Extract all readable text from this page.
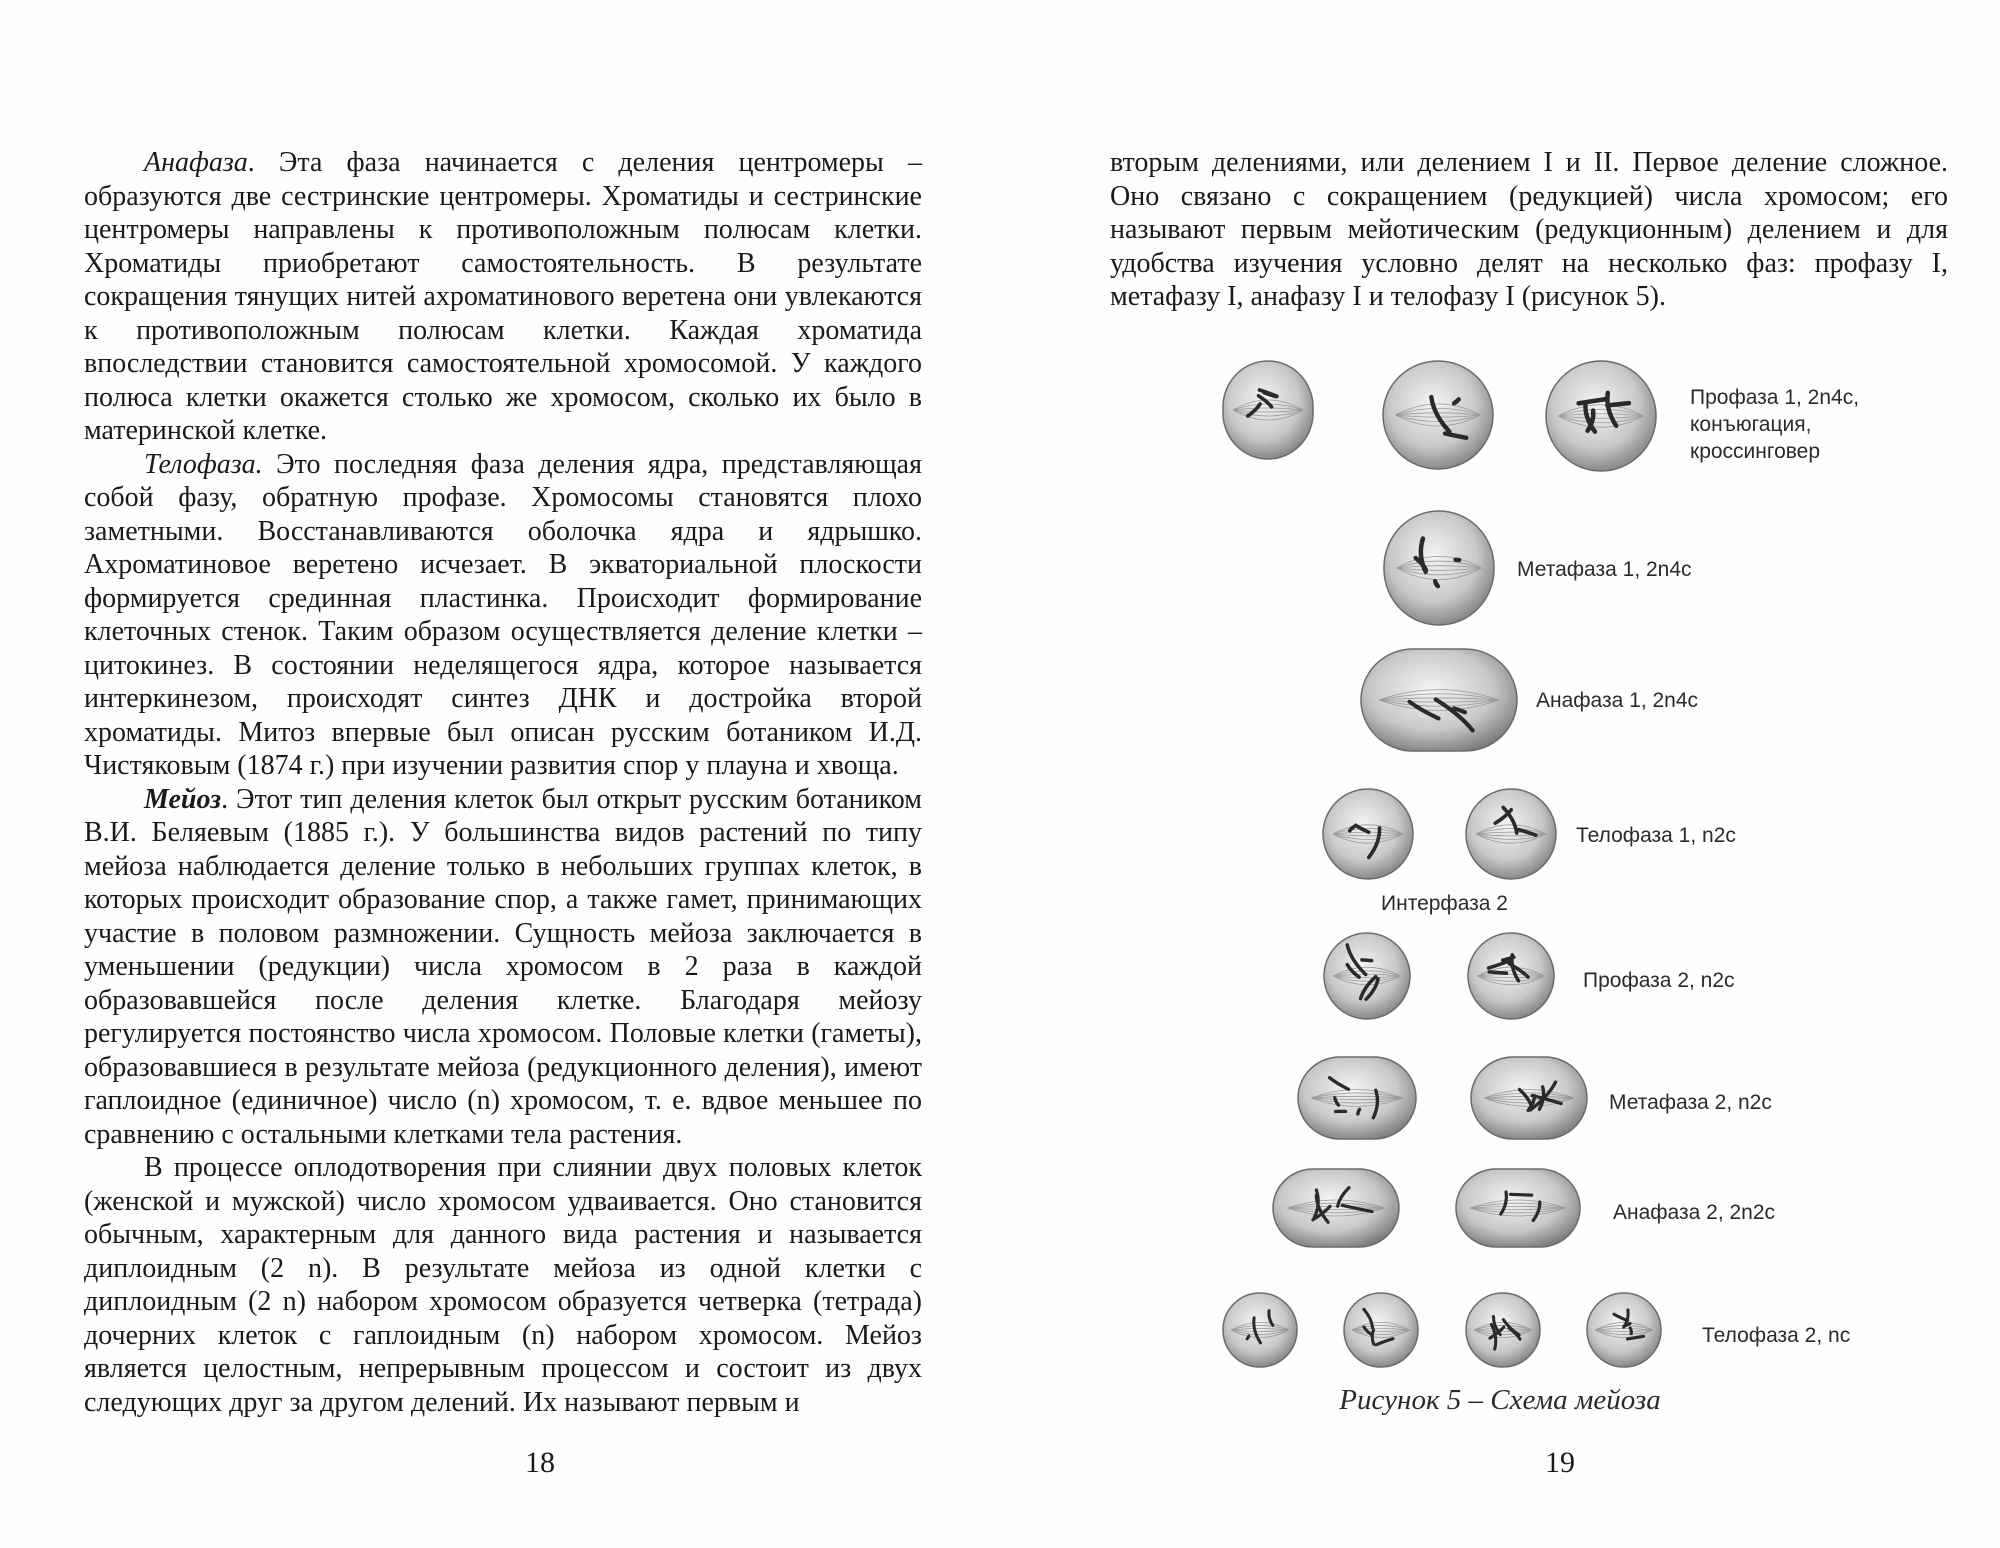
Анафаза. Эта фаза начинается с деления центромеры – образуются две сестринские центромеры. Хроматиды и сестринские центромеры направлены к противоположным полюсам клетки. Хроматиды приобретают самостоятельность. В результате сокращения тянущих нитей ахроматинового веретена они увлекаются к противоположным полюсам клетки. Каждая хроматида впоследствии становится самостоятельной хромосомой. У каждого полюса клетки окажется столько же хромосом, сколько их было в материнской клетке.

Телофаза. Это последняя фаза деления ядра, представляющая собой фазу, обратную профазе. Хромосомы становятся плохо заметными. Восстанавливаются оболочка ядра и ядрышко. Ахроматиновое веретено исчезает. В экваториальной плоскости формируется срединная пластинка. Происходит формирование клеточных стенок. Таким образом осуществляется деление клетки – цитокинез. В состоянии неделящегося ядра, которое называется интеркинезом, происходят синтез ДНК и достройка второй хроматиды. Митоз впервые был описан русским ботаником И.Д. Чистяковым (1874 г.) при изучении развития спор у плауна и хвоща.

Мейоз. Этот тип деления клеток был открыт русским ботаником В.И. Беляевым (1885 г.). У большинства видов растений по типу мейоза наблюдается деление только в небольших группах клеток, в которых происходит образование спор, а также гамет, принимающих участие в половом размножении. Сущность мейоза заключается в уменьшении (редукции) числа хромосом в 2 раза в каждой образовавшейся после деления клетке. Благодаря мейозу регулируется постоянство числа хромосом. Половые клетки (гаметы), образовавшиеся в результате мейоза (редукционного деления), имеют гаплоидное (единичное) число (n) хромосом, т. е. вдвое меньшее по сравнению с остальными клетками тела растения.

В процессе оплодотворения при слиянии двух половых клеток (женской и мужской) число хромосом удваивается. Оно становится обычным, характерным для данного вида растения и называется диплоидным (2 n). В результате мейоза из одной клетки с диплоидным (2 n) набором хромосом образуется четверка (тетрада) дочерних клеток с гаплоидным (n) набором хромосом. Мейоз является целостным, непрерывным процессом и состоит из двух следующих друг за другом делений. Их называют первым и

18

вторым делениями, или делением I и II. Первое деление сложное. Оно связано с сокращением (редукцией) числа хромосом; его называют первым мейотическим (редукционным) делением и для удобства изучения условно делят на несколько фаз: профазу I, метафазу I, анафазу I и телофазу I (рисунок 5).

Профаза 1, 2n4c,
конъюгация,
кроссинговер
Метафаза 1, 2n4c
Анафаза 1, 2n4c
Телофаза 1, n2c
Интерфаза 2
Профаза 2, n2c
Метафаза 2, n2c
Анафаза 2, 2n2c
Телофаза 2, nc
Рисунок 5 – Схема мейоза
19
